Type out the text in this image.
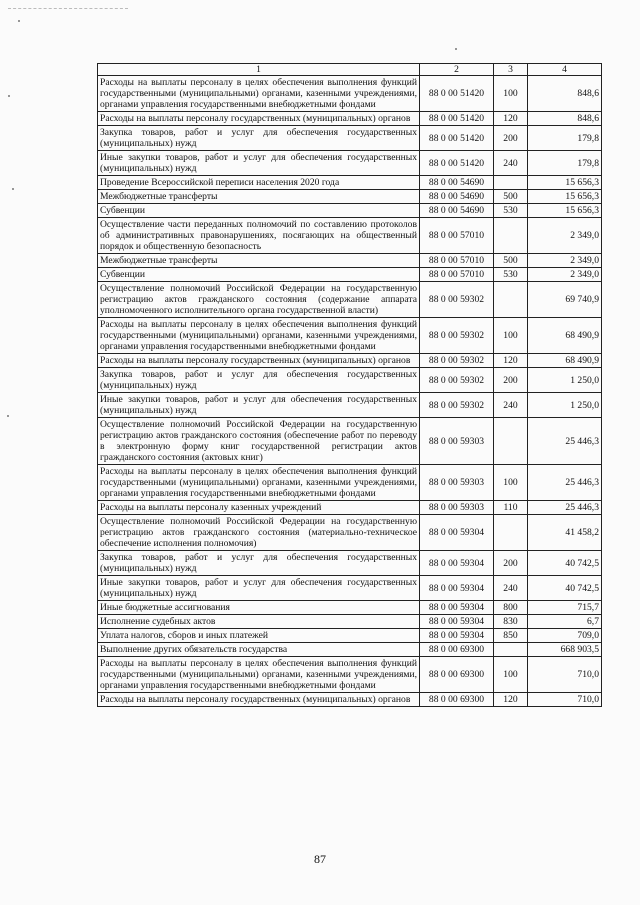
1	2	3	4
Расходы на выплаты персоналу в целях обеспечения выполнения функций государственными (муниципальными) органами, казенными учреждениями, органами управления государственными внебюджетными фондами	88 0 00 51420	100	848,6
Расходы на выплаты персоналу государственных (муниципальных) органов	88 0 00 51420	120	848,6
Закупка товаров, работ и услуг для обеспечения государственных (муниципальных) нужд	88 0 00 51420	200	179,8
Иные закупки товаров, работ и услуг для обеспечения государственных (муниципальных) нужд	88 0 00 51420	240	179,8
Проведение Всероссийской переписи населения 2020 года	88 0 00 54690		15 656,3
Межбюджетные трансферты	88 0 00 54690	500	15 656,3
Субвенции	88 0 00 54690	530	15 656,3
Осуществление части переданных полномочий по составлению протоколов об административных правонарушениях, посягающих на общественный порядок и общественную безопасность	88 0 00 57010		2 349,0
Межбюджетные трансферты	88 0 00 57010	500	2 349,0
Субвенции	88 0 00 57010	530	2 349,0
Осуществление полномочий Российской Федерации на государственную регистрацию актов гражданского состояния (содержание аппарата уполномоченного исполнительного органа государственной власти)	88 0 00 59302		69 740,9
Расходы на выплаты персоналу в целях обеспечения выполнения функций государственными (муниципальными) органами, казенными учреждениями, органами управления государственными внебюджетными фондами	88 0 00 59302	100	68 490,9
Расходы на выплаты персоналу государственных (муниципальных) органов	88 0 00 59302	120	68 490,9
Закупка товаров, работ и услуг для обеспечения государственных (муниципальных) нужд	88 0 00 59302	200	1 250,0
Иные закупки товаров, работ и услуг для обеспечения государственных (муниципальных) нужд	88 0 00 59302	240	1 250,0
Осуществление полномочий Российской Федерации на государственную регистрацию актов гражданского состояния (обеспечение работ по переводу в электронную форму книг государственной регистрации актов гражданского состояния (актовых книг)	88 0 00 59303		25 446,3
Расходы на выплаты персоналу в целях обеспечения выполнения функций государственными (муниципальными) органами, казенными учреждениями, органами управления государственными внебюджетными фондами	88 0 00 59303	100	25 446,3
Расходы на выплаты персоналу казенных учреждений	88 0 00 59303	110	25 446,3
Осуществление полномочий Российской Федерации на государственную регистрацию актов гражданского состояния (материально-техническое обеспечение исполнения полномочия)	88 0 00 59304		41 458,2
Закупка товаров, работ и услуг для обеспечения государственных (муниципальных) нужд	88 0 00 59304	200	40 742,5
Иные закупки товаров, работ и услуг для обеспечения государственных (муниципальных) нужд	88 0 00 59304	240	40 742,5
Иные бюджетные ассигнования	88 0 00 59304	800	715,7
Исполнение судебных актов	88 0 00 59304	830	6,7
Уплата налогов, сборов и иных платежей	88 0 00 59304	850	709,0
Выполнение других обязательств государства	88 0 00 69300		668 903,5
Расходы на выплаты персоналу в целях обеспечения выполнения функций государственными (муниципальными) органами, казенными учреждениями, органами управления государственными внебюджетными фондами	88 0 00 69300	100	710,0
Расходы на выплаты персоналу государственных (муниципальных) органов	88 0 00 69300	120	710,0
87
